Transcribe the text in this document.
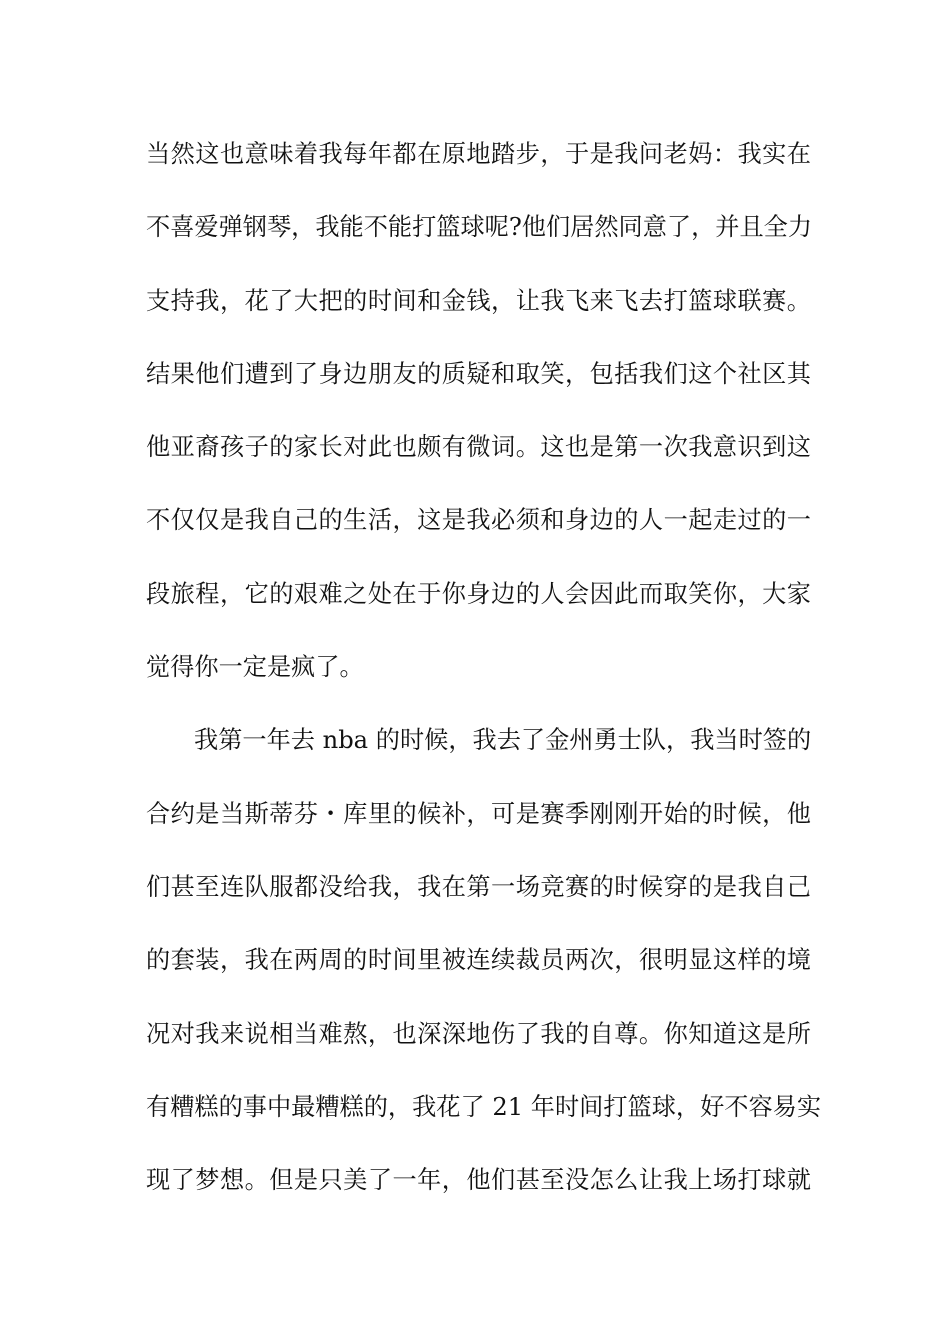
当然这也意味着我每年都在原地踏步，于是我问老妈：我实在
不喜爱弹钢琴，我能不能打篮球呢?他们居然同意了，并且全力
支持我，花了大把的时间和金钱，让我飞来飞去打篮球联赛。
结果他们遭到了身边朋友的质疑和取笑，包括我们这个社区其
他亚裔孩子的家长对此也颇有微词。这也是第一次我意识到这
不仅仅是我自己的生活，这是我必须和身边的人一起走过的一
段旅程，它的艰难之处在于你身边的人会因此而取笑你，大家
觉得你一定是疯了。
我第一年去 nba 的时候，我去了金州勇士队，我当时签的
合约是当斯蒂芬・库里的候补，可是赛季刚刚开始的时候，他
们甚至连队服都没给我，我在第一场竞赛的时候穿的是我自己
的套装，我在两周的时间里被连续裁员两次，很明显这样的境
况对我来说相当难熬，也深深地伤了我的自尊。你知道这是所
有糟糕的事中最糟糕的，我花了 21 年时间打篮球，好不容易实
现了梦想。但是只美了一年，他们甚至没怎么让我上场打球就
